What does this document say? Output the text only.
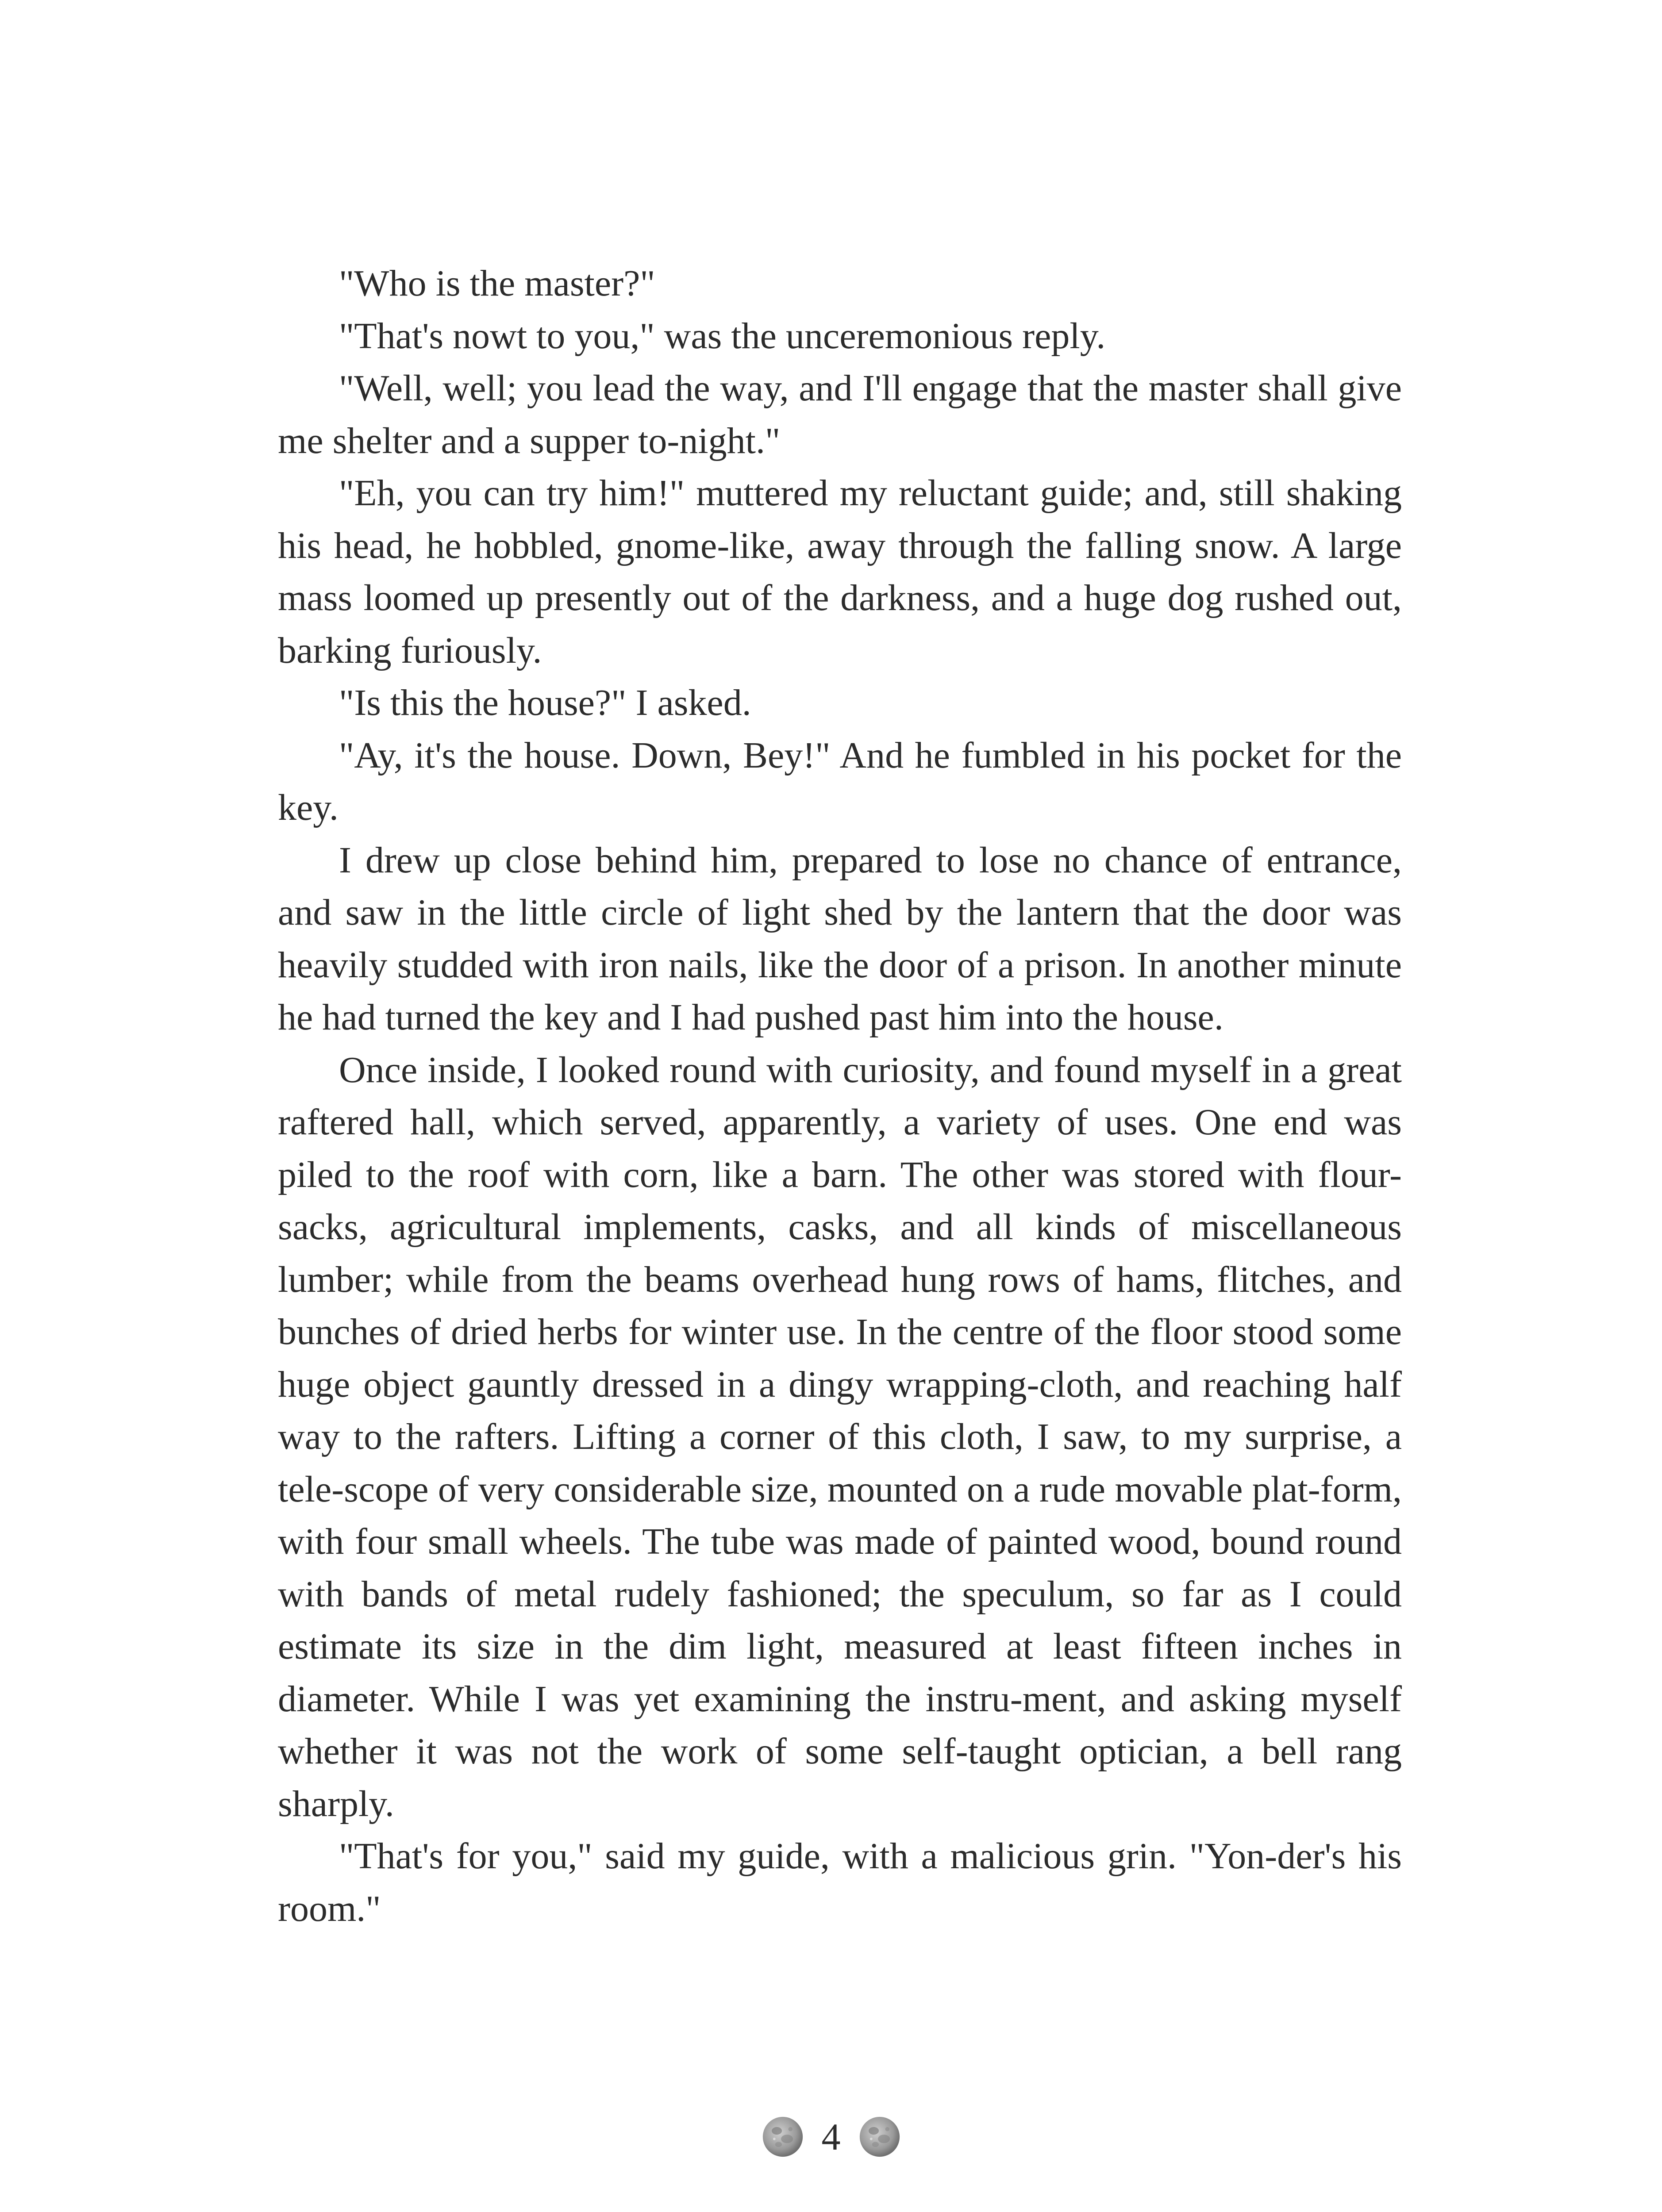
"Who is the master?"

"That's nowt to you," was the unceremonious reply.

"Well, well; you lead the way, and I'll engage that the master shall give me shelter and a supper to-night."

"Eh, you can try him!" muttered my reluctant guide; and, still shaking his head, he hobbled, gnome-like, away through the falling snow. A large mass loomed up presently out of the darkness, and a huge dog rushed out, barking furiously.

"Is this the house?" I asked.

"Ay, it's the house. Down, Bey!" And he fumbled in his pocket for the key.

I drew up close behind him, prepared to lose no chance of entrance, and saw in the little circle of light shed by the lantern that the door was heavily studded with iron nails, like the door of a prison. In another minute he had turned the key and I had pushed past him into the house.

Once inside, I looked round with curiosity, and found myself in a great raftered hall, which served, apparently, a variety of uses. One end was piled to the roof with corn, like a barn. The other was stored with flour-sacks, agricultural implements, casks, and all kinds of miscellaneous lumber; while from the beams overhead hung rows of hams, flitches, and bunches of dried herbs for winter use. In the centre of the floor stood some huge object gauntly dressed in a dingy wrapping-cloth, and reaching half way to the rafters. Lifting a corner of this cloth, I saw, to my surprise, a tele-scope of very considerable size, mounted on a rude movable plat-form, with four small wheels. The tube was made of painted wood, bound round with bands of metal rudely fashioned; the speculum, so far as I could estimate its size in the dim light, measured at least fifteen inches in diameter. While I was yet examining the instru-ment, and asking myself whether it was not the work of some self-taught optician, a bell rang sharply.

"That's for you," said my guide, with a malicious grin. "Yon-der's his room."

4
